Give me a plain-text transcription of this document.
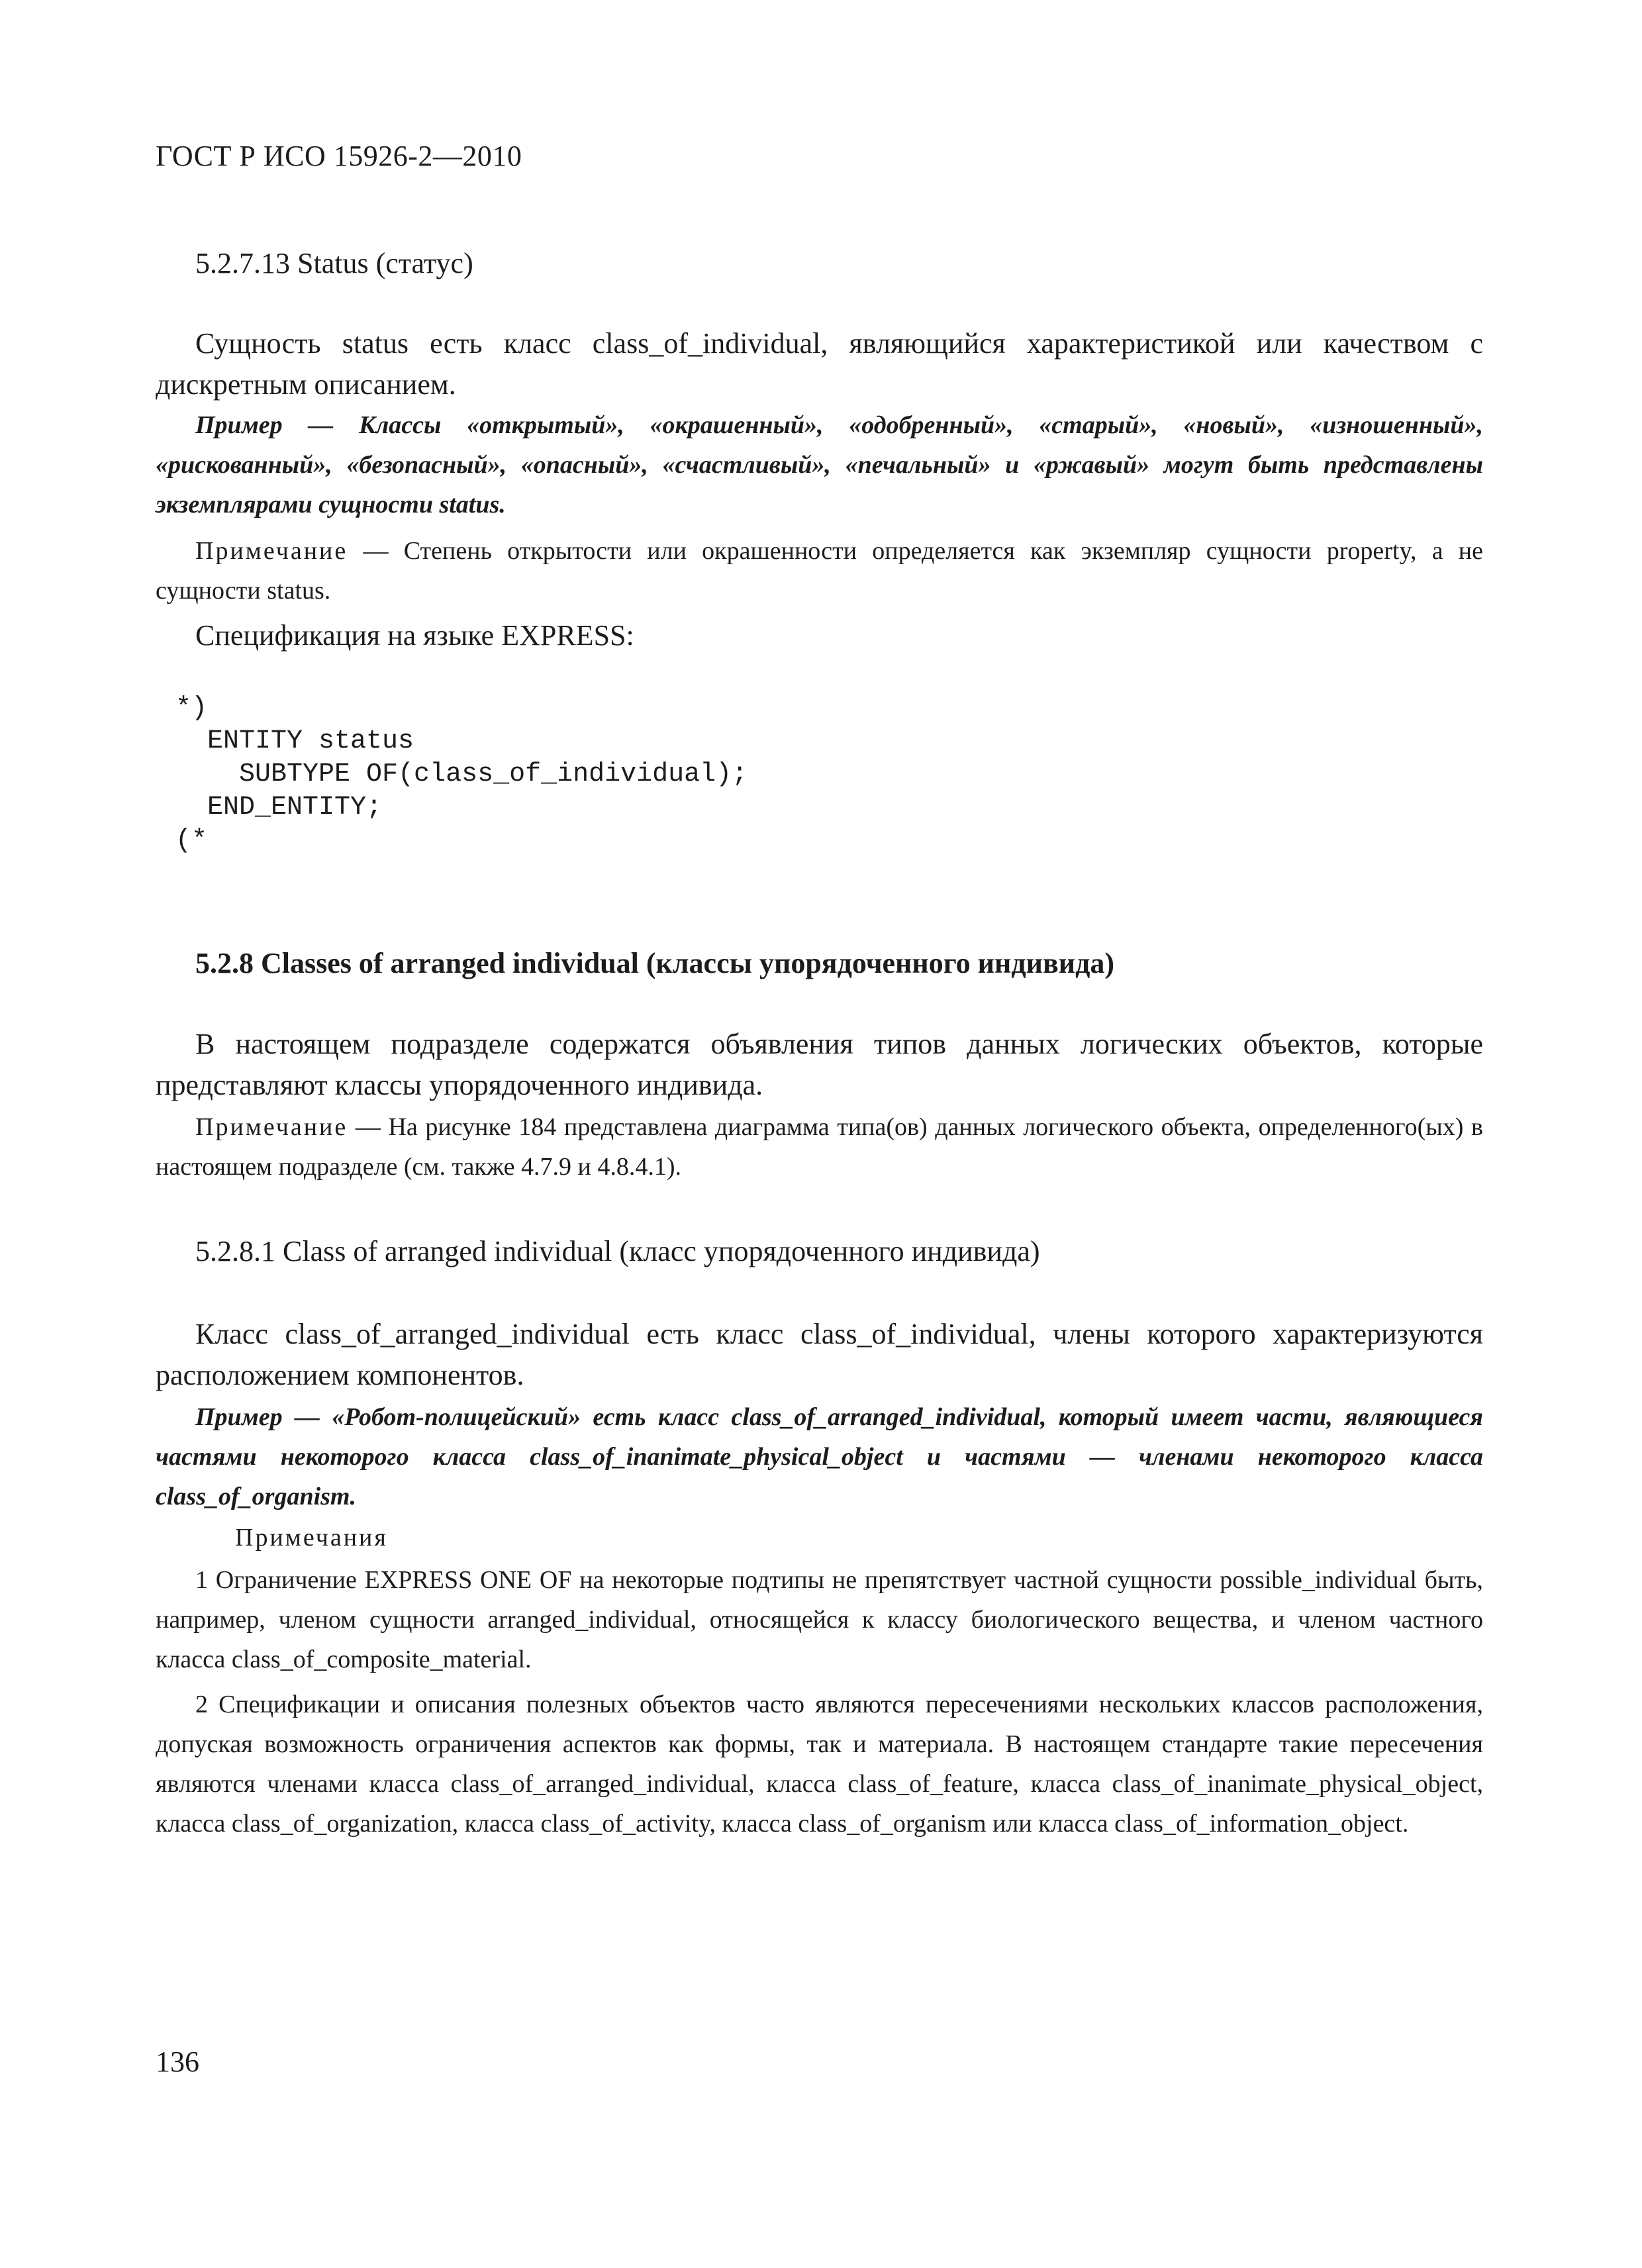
ГОСТ Р ИСО 15926-2—2010
5.2.7.13 Status (статус)

Сущность status есть класс class_of_individual, являющийся характеристикой или качеством с дискретным описанием.

Пример — Классы «открытый», «окрашенный», «одобренный», «старый», «новый», «изношенный», «рискованный», «безопасный», «опасный», «счастливый», «печальный» и «ржавый» могут быть представлены экземплярами сущности status.

Примечание — Степень открытости или окрашенности определяется как экземпляр сущности property, а не сущности status.

Спецификация на языке EXPRESS:
*)
ENTITY status
SUBTYPE OF(class_of_individual);
END_ENTITY;
(*
5.2.8 Classes of arranged individual (классы упорядоченного индивида)

В настоящем подразделе содержатся объявления типов данных логических объектов, которые представляют классы упорядоченного индивида.

Примечание — На рисунке 184 представлена диаграмма типа(ов) данных логического объекта, определенного(ых) в настоящем подразделе (см. также 4.7.9 и 4.8.4.1).

5.2.8.1 Class of arranged individual (класс упорядоченного индивида)

Класс class_of_arranged_individual есть класс class_of_individual, члены которого характеризуются расположением компонентов.

Пример — «Робот-полицейский» есть класс class_of_arranged_individual, который имеет части, являющиеся частями некоторого класса class_of_inanimate_physical_object и частями — членами некоторого класса class_of_organism.

Примечания

1 Ограничение EXPRESS ONE OF на некоторые подтипы не препятствует частной сущности possible_individual быть, например, членом сущности arranged_individual, относящейся к классу биологического вещества, и членом частного класса class_of_composite_material.

2 Спецификации и описания полезных объектов часто являются пересечениями нескольких классов расположения, допуская возможность ограничения аспектов как формы, так и материала. В настоящем стандарте такие пересечения являются членами класса class_of_arranged_individual, класса class_of_feature, класса class_of_inanimate_physical_object, класса class_of_organization, класса class_of_activity, класса class_of_organism или класса class_of_information_object.

136
